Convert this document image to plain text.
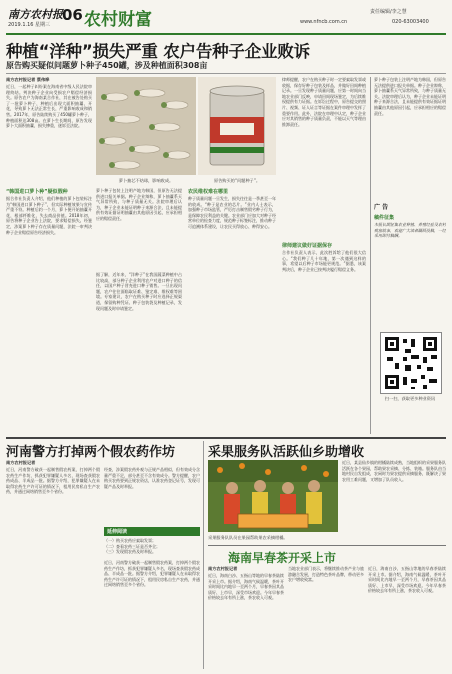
南方农村报
2019.1.16 星期三
06 农村财富	责任编辑/李之慧
www.nfncb.com.cn	020-63003400
种植“洋种”损失严重 农户告种子企业败诉
原告购买疑似问题萝卜种子450罐，涉及种植面积308亩
南方农村报记者 蔡伟桦
近日，一起种子纠纷案在海南省中级人民法院审理终结。判决种子企业向受损农户赔偿经济损失。原告农户为海南某合作社，其在被告处购买了一批萝卜种子，种植后出现大面积抽薹、开花，导致萝卜无法正常生长，严重影响收成和销售。2017年，原告陆续购买了450罐萝卜种子，种植面积达308亩。在萝卜生长期间，原告发现萝卜大面积抽薹，损失惨重，遂诉至法院。
“韩国进口萝卜种”疑似假种
据合作社负责人介绍，他们种植的萝卜包装标注为“韩国进口萝卜种子”，但实际种植效果与宣传严重不符。种植后约一个月，萝卜便开始抽薹开花，根部纤维化，失去商品价值。2018年初，原告将种子企业告上法院，要求赔偿损失。经鉴定，涉案萝卜种子存在质量问题，法院一审判决种子企业赔偿原告经济损失。
萝卜抽芯不结球，影响收成。	原告购买的“问题种子”。
萝卜种子包装上注明产地为韩国，但原告无法提供进口报关单据。种子企业辩称，萝卜抽薹系天气异常所致，与种子质量无关。法院审理后认为，种子企业未能证明种子来源合法，且未能提供有效证据证明抽薹由其他原因引起，应承担相应的赔偿责任。
据了解，近年来，“洋种子”在我国蔬菜种植中占比较高，部分种子企业利用农户对进口种子的信任，以国产种子冒充进口种子销售。一旦出现问题，农户往往面临取证难、鉴定难、维权难等困境。专家建议，农户在购买种子时应选择正规渠道，保留购种凭证、种子包装袋及种植记录，发现问题及时申请鉴定。
农民维权难在哪里
种子质量问题一旦发生，损失往往是一季甚至一年的收成。“种子是农业的芯片。”业内人士表示，加强种子市场监管，严厉打击制售假劣种子行为，是保障农民利益的关键。农业部门应加大对种子经营单位的检查力度，规范种子标签标注，推动种子可追溯体系建设，让农民买得放心、种得安心。
律师提醒，农户在购买种子时一定要索取发票或收据，保存好种子包装及样品，并做好田间种植记录。一旦发现种子质量问题，应第一时间向当地农业部门反映，申请田间现场鉴定，为后续维权提供有力证据。在诉讼过程中，原告提交的照片、视频、证人证言等证据在案件审理中发挥了重要作用。此外，法院在审理中认定，种子企业应对其销售的种子质量负责，不能以天气等理由推卸责任。
律师建议做好证据保存
合作社负责人表示，此次胜诉给了他们很大信心。“我们种了几十年地，第一次遇到这样的事，希望以后种子市场能更规范。”据悉，该案判决后，种子企业已按判决履行赔偿义务。
萝卜种子包装上注明产地为韩国，但原告无法提供进口报关单据。种子企业辩称，萝卜抽薹系天气异常所致，与种子质量无关。法院审理后认为，种子企业未能证明种子来源合法，且未能提供有效证据证明抽薹由其他原因引起，应承担相应的赔偿责任。
广 告
稿件征集
本报长期征集农业种植、养殖经验及农村致富故事，欢迎广大读者踊跃投稿，一经采用即付稿酬。
扫一扫，获取更多种业资讯
河南警方打掉两个假农药作坊
南方农村报记者
近日，河南警方破获一起制售假农药案，打掉两个假农药生产作坊，抓获犯罪嫌疑人多名，现场查获假农药成品、半成品一批。据警方介绍，犯罪嫌疑人在未取得农药生产许可证的情况下，租用民房私自生产农药，并通过网络销售至多个省份。
经查，涉案假农药外观与正规产品相似，但有效成分含量严重不足，部分甚至不含有效成分。警方提醒，农户购买农药要到正规农资店，认准农药登记证号，发现可疑产品及时举报。
延伸阅读
（一）购买农药应索取发票；
（二）查看农药三证是否齐全；
（三）发现假农药及时举报。
近日，河南警方破获一起制售假农药案，打掉两个假农药生产作坊，抓获犯罪嫌疑人多名，现场查获假农药成品、半成品一批。据警方介绍，犯罪嫌疑人在未取得农药生产许可证的情况下，租用民房私自生产农药，并通过网络销售至多个省份。
采果服务队活跃仙乡助增收
近日，某县仙乡镇的柑橘陆续成熟，当地组织的采果服务队活跃在各个果园，帮助果农采摘、分拣、装箱。服务队由当地村民自发组成，农闲时为果农提供采摘服务，既解决了果农用工难问题，又增加了队员收入。
采果服务队队员在果园帮助果农采摘柑橘。
海南早春茶开采上市
南方农村报记者
近日，海南白沙、五指山等地的早春茶陆续开采上市。据介绍，海南气候温暖，茶叶开采时间比内地早一至两个月，早春茶因其品质好、上市早，深受市场欢迎。今年早春茶价格较去年有所上涨，茶农收入可观。
当地农业部门表示，将继续推动茶产业与旅游融合发展，打造特色茶叶品牌，带动更多农户增收致富。
近日，海南白沙、五指山等地的早春茶陆续开采上市。据介绍，海南气候温暖，茶叶开采时间比内地早一至两个月，早春茶因其品质好、上市早，深受市场欢迎。今年早春茶价格较去年有所上涨，茶农收入可观。
